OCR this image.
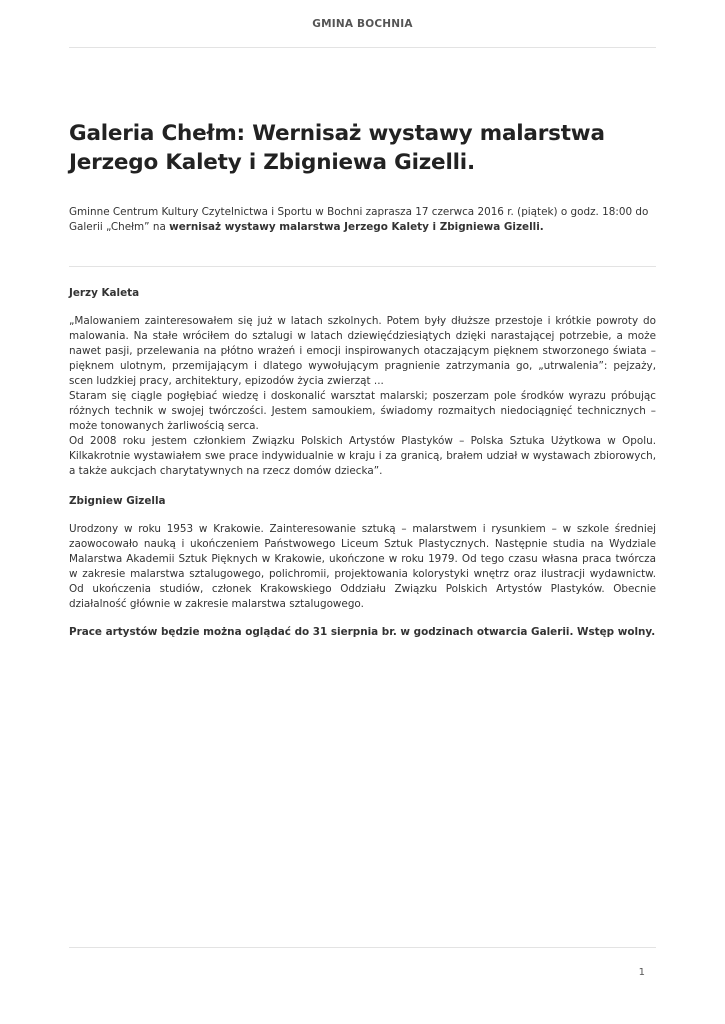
GMINA BOCHNIA
Galeria Chełm: Wernisaż wystawy malarstwa
Jerzego Kalety i Zbigniewa Gizelli.

Gminne Centrum Kultury Czytelnictwa i Sportu w Bochni zaprasza 17 czerwca 2016 r. (piątek) o godz. 18:00 do Galerii „Chełm” na wernisaż wystawy malarstwa Jerzego Kalety i Zbigniewa Gizelli.

Jerzy Kaleta

„Malowaniem zainteresowałem się już w latach szkolnych. Potem były dłuższe przestoje i krótkie powroty do malowania. Na stałe wróciłem do sztalugi w latach dziewięćdziesiątych dzięki narastającej potrzebie, a może nawet pasji, przelewania na płótno wrażeń i emocji inspirowanych otaczającym pięknem stworzonego świata – pięknem ulotnym, przemijającym i dlatego wywołującym pragnienie zatrzymania go, „utrwalenia”: pejzaży, scen ludzkiej pracy, architektury, epizodów życia zwierząt ...

Staram się ciągle pogłębiać wiedzę i doskonalić warsztat malarski; poszerzam pole środków wyrazu próbując różnych technik w swojej twórczości. Jestem samoukiem, świadomy rozmaitych niedociągnięć technicznych – może tonowanych żarliwością serca.

Od 2008 roku jestem członkiem Związku Polskich Artystów Plastyków – Polska Sztuka Użytkowa w Opolu. Kilkakrotnie wystawiałem swe prace indywidualnie w kraju i za granicą, brałem udział w wystawach zbiorowych, a także aukcjach charytatywnych na rzecz domów dziecka”.

Zbigniew Gizella

Urodzony w roku 1953 w Krakowie. Zainteresowanie sztuką – malarstwem i rysunkiem – w szkole średniej zaowocowało nauką i ukończeniem Państwowego Liceum Sztuk Plastycznych. Następnie studia na Wydziale Malarstwa Akademii Sztuk Pięknych w Krakowie, ukończone w roku 1979. Od tego czasu własna praca twórcza w zakresie malarstwa sztalugowego, polichromii, projektowania kolorystyki wnętrz oraz ilustracji wydawnictw. Od ukończenia studiów, członek Krakowskiego Oddziału Związku Polskich Artystów Plastyków. Obecnie działalność głównie w zakresie malarstwa sztalugowego.

Prace artystów będzie można oglądać do 31 sierpnia br. w godzinach otwarcia Galerii. Wstęp wolny.

1
